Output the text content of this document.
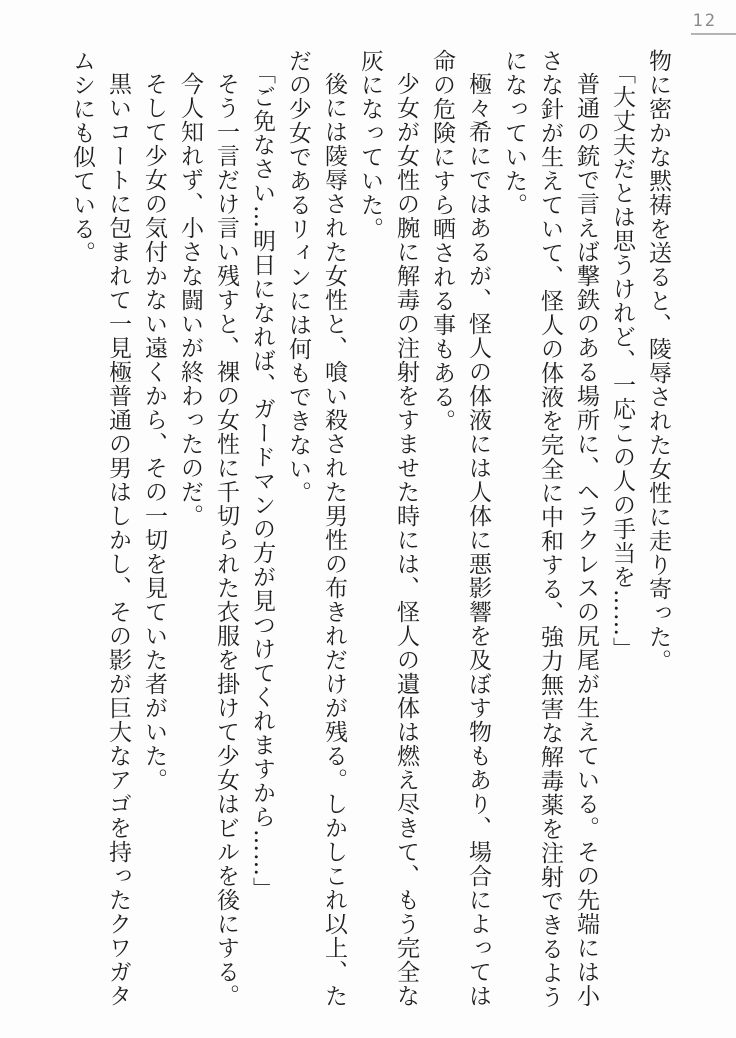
12

物に密かな黙祷を送ると、陵辱された女性に走り寄った。

「大丈夫だとは思うけれど、一応この人の手当を……」

普通の銃で言えば撃鉄のある場所に、ヘラクレスの尻尾が生えている。その先端には小

さな針が生えていて、怪人の体液を完全に中和する、強力無害な解毒薬を注射できるよう

になっていた。

極々希にではあるが、怪人の体液には人体に悪影響を及ぼす物もあり、場合によっては

命の危険にすら晒される事もある。

少女が女性の腕に解毒の注射をすませた時には、怪人の遺体は燃え尽きて、もう完全な

灰になっていた。

後には陵辱された女性と、喰い殺された男性の布きれだけが残る。しかしこれ以上、た

だの少女であるリィンには何もできない。

「ご免なさい…明日になれば、ガードマンの方が見つけてくれますから……」

そう一言だけ言い残すと、裸の女性に千切られた衣服を掛けて少女はビルを後にする。

今人知れず、小さな闘いが終わったのだ。

そして少女の気付かない遠くから、その一切を見ていた者がいた。

黒いコートに包まれて一見極普通の男はしかし、その影が巨大なアゴを持ったクワガタ

ムシにも似ている。
